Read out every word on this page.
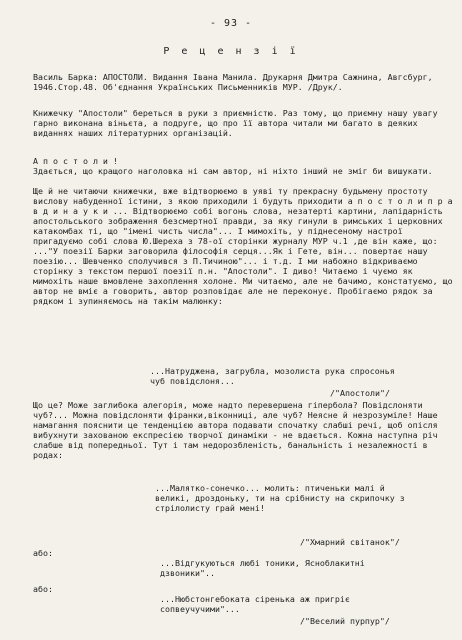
- 93 -
Р е ц е н з і ї
Василь Барка: АПОСТОЛИ. Видання Івана Манила. Друкарня Дмитра Сажнина, Авгсбург, 1946.Стор.48. Об'єднання Українських Письменників МУР. /Друк/.
Книжечку "Апостоли" береться в руки з приємністю. Раз тому, що приємну нашу увагу гарно виконана віньєта, а подруге, що про її автора читали ми багато в деяких виданнях наших літературних організацій.
А п о с т о л и !
Здається, що кращого наголовка ні сам автор, ні ніхто інший не зміг би вишукати.
Ще й не читаючи книжечки, вже відтворюємо в уяві ту прекрасну будьмену простоту вислову набуденної істини, з якою приходили і будуть приходити а п о с т о л и п р а в д и н а у к и ... Відтворюємо собі вогонь слова, незатерті картини, лапідарність апостольського зображення безсмертної правди, за яку гинули в римських і церковних катакомбах ті, що "імені чисть числа"... І мимохіть, у піднесеному настрої пригадуємо собі слова Ю.Шереха з 78-ої сторінки журналу МУР ч.1 ,де він каже, що: ..."У поезії Барки заговорила філософія серця...Як і Гете, він... повертає нашу поезію... Шевченко сполучився з П.Тичиною"... і т.д. І ми набожно відкриваємо сторінку з текстом першої поезії п.н. "Апостоли". І диво! Читаємо і чуємо як мимохіть наше вмовлене захоплення холоне. Ми читаємо, але не бачимо, констатуємо, що автор не вміє а говорить, автор розповідає але не переконує. Пробігаємо рядок за рядком і зупиняємось на такім малюнку:
...Натруджена, загрубла, мозолиста рука спросонья чуб повідслоня...
/"Апостоли"/
Що це? Може заглибока алегорія, може надто перевершена гіпербола? Повідслоняти чуб?... Можна повідслоняти фіранки,віконниці, але чуб? Неясне й незрозуміле! Наше намагання пояснити це тенденцією автора подавати спочатку слабші речі, щоб опісля вибухнути захованою експресією творчої динаміки - не вдається. Кожна наступна річ слабше від попередньої. Тут і там недорозбленість, банальність і незалежності в родах:
...Малятко-сонечко... молить: птиченьки малі й великі, дроздоньку, ти на срібнисту на скрипочку з стрілолисту грай мені!
/"Хмарний світанок"/
або:
...Відгукуються любі тоники, Ясноблакитні дзвоники"..
або:
...Нюбстонгебоката сіренька аж пригріє сопвеучучими"...
/"Веселий пурпур"/
